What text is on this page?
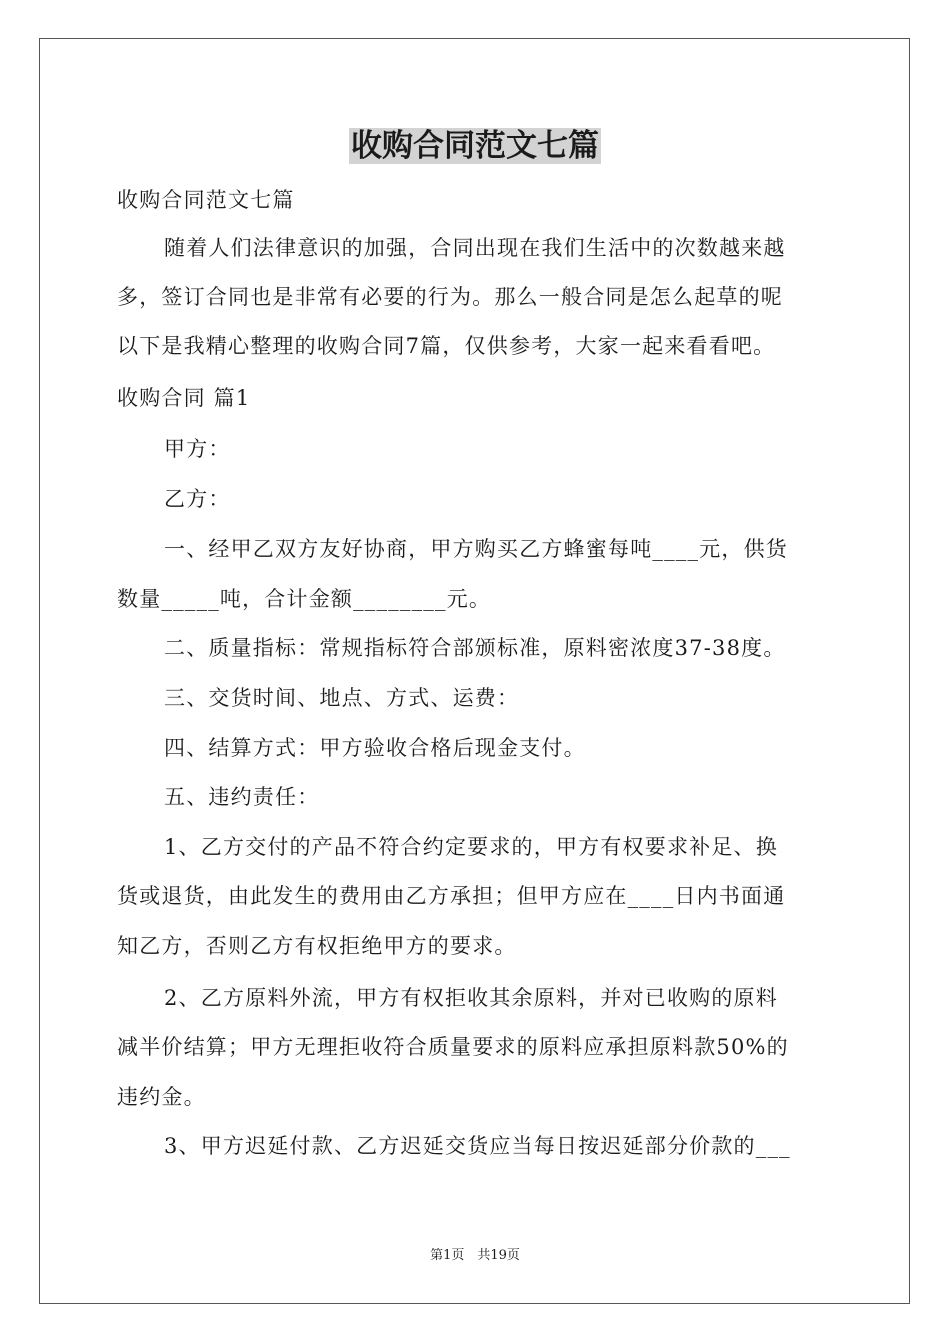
收购合同范文七篇
收购合同范文七篇
随着人们法律意识的加强，合同出现在我们生活中的次数越来越
多，签订合同也是非常有必要的行为。那么一般合同是怎么起草的呢
以下是我精心整理的收购合同7篇，仅供参考，大家一起来看看吧。
收购合同 篇1
甲方：
乙方：
一、经甲乙双方友好协商，甲方购买乙方蜂蜜每吨____元，供货
数量_____吨，合计金额________元。
二、质量指标：常规指标符合部颁标准，原料密浓度37-38度。
三、交货时间、地点、方式、运费：
四、结算方式：甲方验收合格后现金支付。
五、违约责任：
1、乙方交付的产品不符合约定要求的，甲方有权要求补足、换
货或退货，由此发生的费用由乙方承担；但甲方应在____日内书面通
知乙方，否则乙方有权拒绝甲方的要求。
2、乙方原料外流，甲方有权拒收其余原料，并对已收购的原料
减半价结算；甲方无理拒收符合质量要求的原料应承担原料款50%的
违约金。
3、甲方迟延付款、乙方迟延交货应当每日按迟延部分价款的___
第1页　共19页
